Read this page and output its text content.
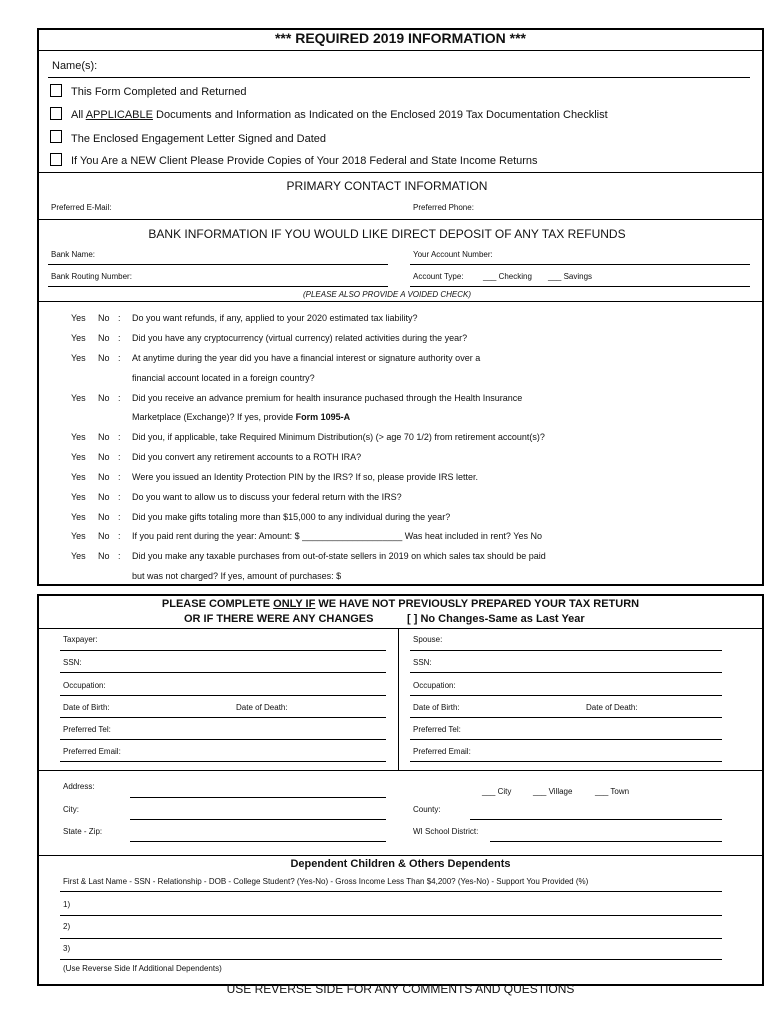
*** REQUIRED 2019 INFORMATION ***
Name(s):
This Form Completed and Returned
All APPLICABLE Documents and Information as Indicated on the Enclosed 2019 Tax Documentation Checklist
The Enclosed Engagement Letter Signed and Dated
If You Are a NEW Client Please Provide Copies of Your 2018 Federal and State Income Returns
PRIMARY CONTACT INFORMATION
Preferred E-Mail:	Preferred Phone:
BANK INFORMATION IF YOU WOULD LIKE DIRECT DEPOSIT OF ANY TAX REFUNDS
Bank Name:	Your Account Number:
Bank Routing Number:	Account Type: ___ Checking ___ Savings
(PLEASE ALSO PROVIDE A VOIDED CHECK)
Yes No : Do you want refunds, if any, applied to your 2020 estimated tax liability?
Yes No : Did you have any cryptocurrency (virtual currency) related activities during the year?
Yes No : At anytime during the year did you have a financial interest or signature authority over a
financial account located in a foreign country?
Yes No : Did you receive an advance premium for health insurance puchased through the Health Insurance
Marketplace (Exchange)? If yes, provide Form 1095-A
Yes No : Did you, if applicable, take Required Minimum Distribution(s) (> age 70 1/2) from retirement account(s)?
Yes No : Did you convert any retirement accounts to a ROTH IRA?
Yes No : Were you issued an Identity Protection PIN by the IRS? If so, please provide IRS letter.
Yes No : Do you want to allow us to discuss your federal return with the IRS?
Yes No : Did you make gifts totaling more than $15,000 to any individual during the year?
Yes No : If you paid rent during the year: Amount: $ ____________________ Was heat included in rent? Yes No
Yes No : Did you make any taxable purchases from out-of-state sellers in 2019 on which sales tax should be paid
but was not charged? If yes, amount of purchases: $
PLEASE COMPLETE ONLY IF WE HAVE NOT PREVIOUSLY PREPARED YOUR TAX RETURN
OR IF THERE WERE ANY CHANGES	[ ] No Changes-Same as Last Year
Taxpayer:
SSN:
Occupation:
Date of Birth:	Date of Death:
Preferred Tel:
Preferred Email:
Spouse:
SSN:
Occupation:
Date of Birth:	Date of Death:
Preferred Tel:
Preferred Email:
Address:
___ City	___ Village	___ Town
City:	County:
State - Zip:	WI School District:
Dependent Children & Others Dependents
First & Last Name - SSN - Relationship - DOB - College Student? (Yes-No) - Gross Income Less Than $4,200? (Yes-No) - Support You Provided (%)
1)
2)
3)
(Use Reverse Side If Additional Dependents)
USE REVERSE SIDE FOR ANY COMMENTS AND QUESTIONS
